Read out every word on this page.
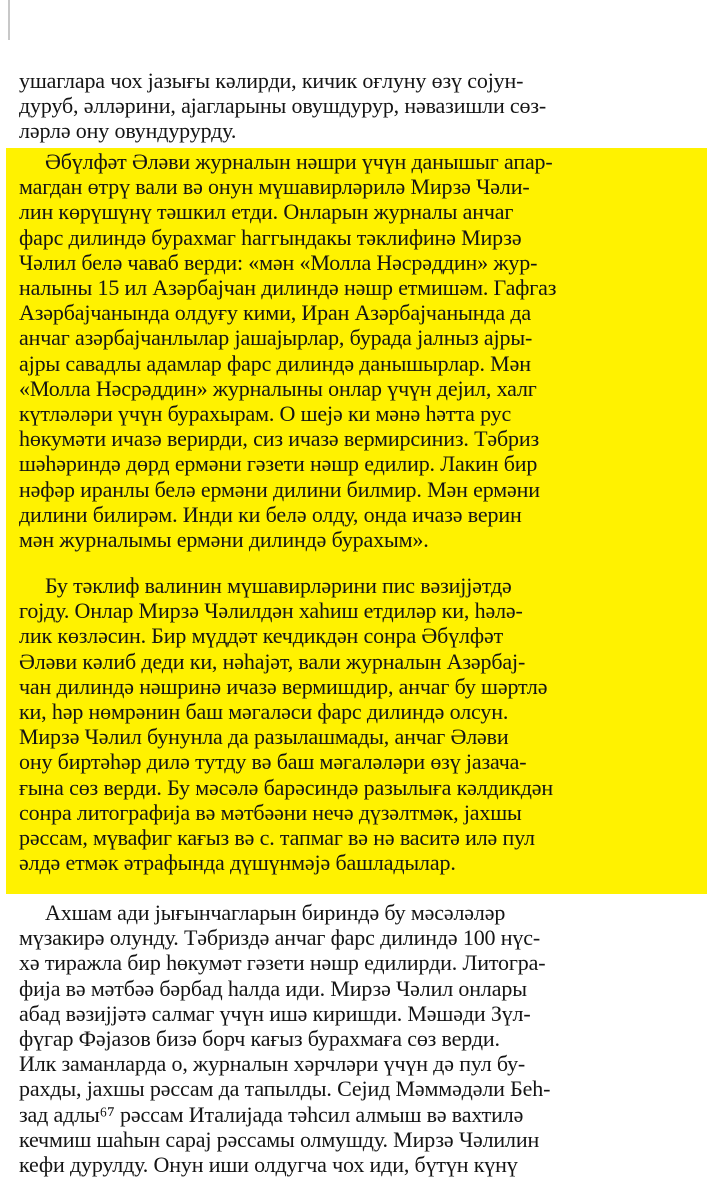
ушагларa чох јазығы кәлирди, кичик оғлуну өзү сојун-
дуруб, әлләрини, ајагларыны овушдурур, нәвазишли сөз-
ләрлә ону овундурурду.
Әбүлфәт Әләви журналын нәшри үчүн данышыг апар-
магдан өтрү вали вә онун мүшавирләрилә Мирзә Чәли-
лин көрүшүнү тәшкил етди. Онларын журналы анчаг
фарс дилиндә бурахмаг һаггындакы тәклифинә Мирзә
Чәлил белә чаваб верди: «мән «Молла Нәсрәддин» жур-
налыны 15 ил Азәрбајчан дилиндә нәшр етмишәм. Гафгаз
Азәрбајчанында олдуғу кими, Иран Азәрбајчанында да
анчаг азәрбајчанлылар јашајырлар, бурада јалныз ајры-
ајры савадлы адамлар фарс дилиндә данышырлар. Мән
«Молла Нәсрәддин» журналыны онлар үчүн дејил, халг
күтләләри үчүн бурахырам. О шејә ки мәнә һәтта рус
һөкумәти ичазә верирди, сиз ичазә вермирсиниз. Тәбриз
шәһәриндә дөрд ермәни гәзети нәшр едилир. Лакин бир
нәфәр иранлы белә ермәни дилини билмир. Мән ермәни
дилини билирәм. Инди ки белә олду, онда ичазә верин
мән журналымы ермәни дилиндә бурахым».
Бу тәклиф валинин мүшавирләрини пис вәзијјәтдә
гојду. Онлар Мирзә Чәлилдән хаһиш етдиләр ки, һәлә-
лик көзләсин. Бир мүддәт кечдикдән сонра Әбүлфәт
Әләви кәлиб деди ки, нәһајәт, вали журналын Азәрбај-
чан дилиндә нәшринә ичазә вермишдир, анчаг бу шәртлә
ки, һәр нөмрәнин баш мәгаләси фарс дилиндә олсун.
Мирзә Чәлил бунунла да разылашмады, анчаг Әләви
ону биртәһәр дилә тутду вә баш мәгаләләри өзү јазача-
ғына сөз верди. Бу мәсәлә барәсиндә разылыға кәлдикдән
сонра литографија вә мәтбәәни нечә дүзәлтмәк, јахшы
рәссам, мүвафиг кағыз вә с. тапмаг вә нә васитә илә пул
әлдә етмәк әтрафында дүшүнмәјә башладылар.
Ахшам ади јығынчагларын бириндә бу мәсәләләр
мүзакирә олунду. Тәбриздә анчаг фарс дилиндә 100 нүс-
хә тиражла бир һөкумәт гәзети нәшр едилирди. Литогра-
фија вә мәтбәә бәрбад һалда иди. Мирзә Чәлил онлары
абад вәзијјәтә салмаг үчүн ишә киришди. Мәшәди Зүл-
фүгар Фәјазов бизә борч кағыз бурахмаға сөз верди.
Илк заманларда о, журналын хәрчләри үчүн дә пул бу-
рахды, јахшы рәссам да тапылды. Сејид Мәммәдәли Беһ-
зад адлы⁶⁷ рәссам Италијада тәһсил алмыш вә вахтилә
кечмиш шаһын сарај рәссамы олмушду. Мирзә Чәлилин
кефи дурулду. Онун иши олдугча чох иди, бүтүн күнү
